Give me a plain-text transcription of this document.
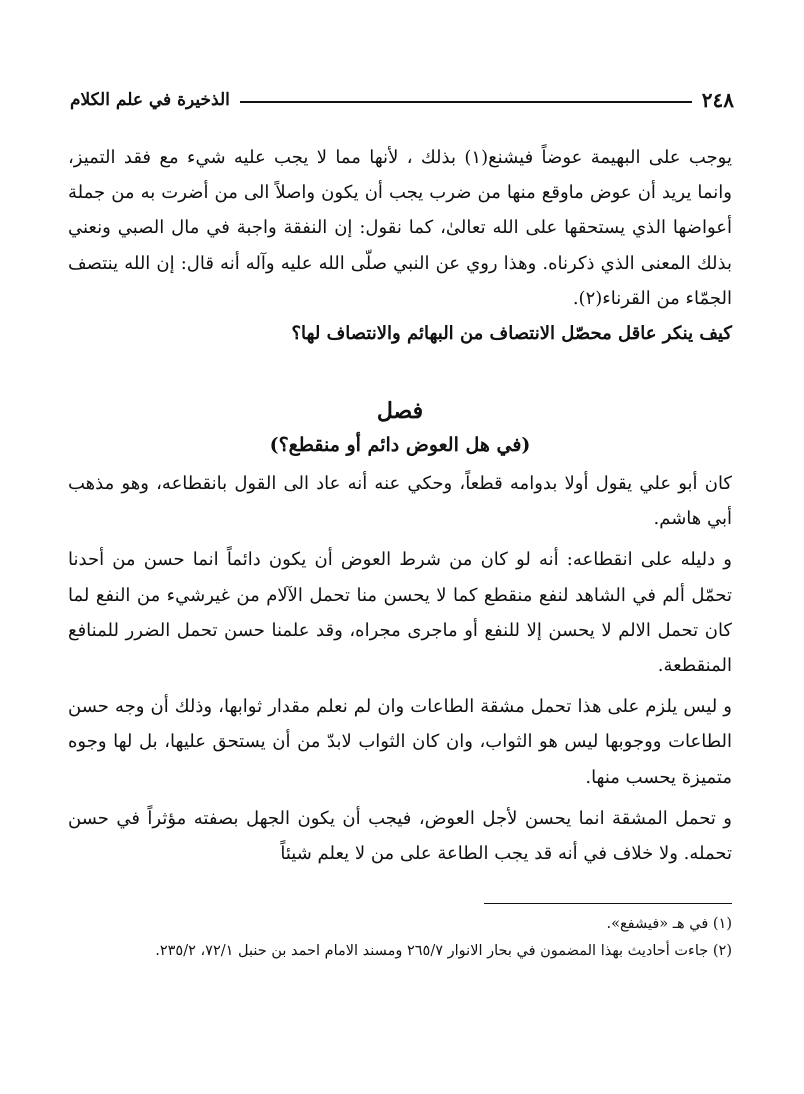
٢٤٨
الذخيرة في علم الكلام

يوجب على البهيمة عوضاً فيشنع(١) بذلك ، لأنها مما لا يجب عليه شيء مع فقد التميز، وانما يريد أن عوض ماوقع منها من ضرب يجب أن يكون واصلاً الى من أضرت به من جملة أعواضها الذي يستحقها على الله تعالىٰ، كما نقول: إن النفقة واجبة في مال الصبي ونعني بذلك المعنى الذي ذكرناه. وهذا روي عن النبي صلّى الله عليه وآله أنه قال: إن الله ينتصف الجمّاء من القرناء(٢).

كيف ينكر عاقل محصّل الانتصاف من البهائم والانتصاف لها؟

فصل
(في هل العوض دائم أو منقطع؟)

كان أبو علي يقول أولا بدوامه قطعاً، وحكي عنه أنه عاد الى القول بانقطاعه، وهو مذهب أبي هاشم.

و دليله على انقطاعه: أنه لو كان من شرط العوض أن يكون دائماً انما حسن من أحدنا تحمّل ألم في الشاهد لنفع منقطع كما لا يحسن منا تحمل الآلام من غيرشيء من النفع لما كان تحمل الالم لا يحسن إلا للنفع أو ماجرى مجراه، وقد علمنا حسن تحمل الضرر للمنافع المنقطعة.

و ليس يلزم على هذا تحمل مشقة الطاعات وان لم نعلم مقدار ثوابها، وذلك أن وجه حسن الطاعات ووجوبها ليس هو الثواب، وان كان الثواب لابدّ من أن يستحق عليها، بل لها وجوه متميزة يحسب منها.

و تحمل المشقة انما يحسن لأجل العوض، فيجب أن يكون الجهل بصفته مؤثراً في حسن تحمله. ولا خلاف في أنه قد يجب الطاعة على من لا يعلم شيئاً

(١) في هـ «فيشفع».

(٢) جاءت أحاديث بهذا المضمون في بحار الانوار ٢٦٥/٧ ومسند الامام احمد بن حنبل ٧٢/١، ٢٣٥/٢.
